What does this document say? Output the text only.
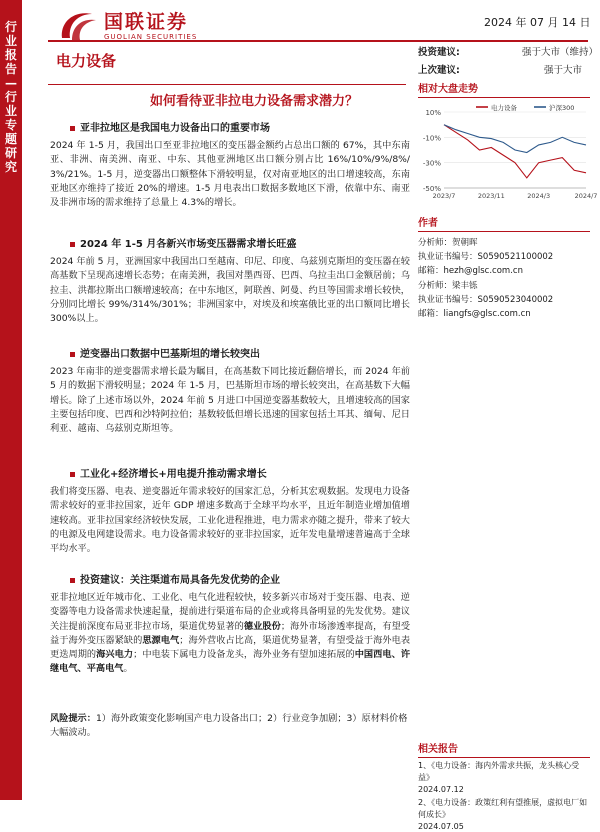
行业报告—行业专题研究
国联证券
GUOLIAN SECURITIES
2024 年 07 月 14 日
电力设备	投资建议:	强于大市（维持）
上次建议:	强于大市
如何看待亚非拉电力设备需求潜力？
亚非拉地区是我国电力设备出口的重要市场

2024 年 1-5 月，我国出口至亚非拉地区的变压器金额约占总出口额的 67%，其中东南亚、非洲、南美洲、南亚、中东、其他亚洲地区出口额分别占比 16%/10%/9%/8%/3%/21%。1-5 月，逆变器出口额整体下滑较明显，仅对南亚地区的出口增速较高，东南亚地区亦维持了接近 20%的增速。1-5 月电表出口数据多数地区下滑，依靠中东、南亚及非洲市场的需求维持了总量上 4.3%的增长。

2024 年 1-5 月各新兴市场变压器需求增长旺盛

2024 年前 5 月，亚洲国家中我国出口至越南、印尼、印度、乌兹别克斯坦的变压器在较高基数下呈现高速增长态势；在南美洲，我国对墨西哥、巴西、乌拉圭出口金额居前；乌拉圭、洪都拉斯出口额增速较高；在中东地区，阿联酋、阿曼、约旦等国需求增长较快，分别同比增长 99%/314%/301%；非洲国家中，对埃及和埃塞俄比亚的出口额同比增长 300%以上。

逆变器出口数据中巴基斯坦的增长较突出

2023 年南非的逆变器需求增长最为瞩目，在高基数下同比接近翻倍增长，而 2024 年前 5 月的数据下滑较明显；2024 年 1-5 月，巴基斯坦市场的增长较突出，在高基数下大幅增长。除了上述市场以外，2024 年前 5 月进口中国逆变器基数较大，且增速较高的国家主要包括印度、巴西和沙特阿拉伯；基数较低但增长迅速的国家包括土耳其、缅甸、尼日利亚、越南、乌兹别克斯坦等。

工业化+经济增长+用电提升推动需求增长

我们将变压器、电表、逆变器近年需求较好的国家汇总，分析其宏观数据。发现电力设备需求较好的亚非拉国家，近年 GDP 增速多数高于全球平均水平，且近年制造业增加值增速较高。亚非拉国家经济较快发展，工业化进程推进，电力需求亦随之提升，带来了较大的电源及电网建设需求。电力设备需求较好的亚非拉国家，近年发电量增速普遍高于全球平均水平。

投资建议：关注渠道布局具备先发优势的企业

亚非拉地区近年城市化、工业化、电气化进程较快，较多新兴市场对于变压器、电表、逆变器等电力设备需求快速起量，提前进行渠道布局的企业或将具备明显的先发优势。建议关注提前深度布局亚非拉市场，渠道优势显著的德业股份；海外市场渗透率提高，有望受益于海外变压器紧缺的思源电气；海外营收占比高，渠道优势显著，有望受益于海外电表更迭周期的海兴电力；中电装下属电力设备龙头，海外业务有望加速拓展的中国西电、许继电气、平高电气。

风险提示：1）海外政策变化影响国产电力设备出口；2）行业竞争加剧；3）原材料价格大幅波动。
相对大盘走势
10%
-10%
-30%
-50%
2023/7	2023/11	2024/3	2024/7
电力设备	沪深300
作者
分析师：贺朝晖
执业证书编号：S0590521100002
邮箱：hezh@glsc.com.cn
分析师：梁丰铄
执业证书编号：S0590523040002
邮箱：liangfs@glsc.com.cn
相关报告
1、《电力设备：海内外需求共振，龙头核心受益》
2024.07.12
2、《电力设备：政策红利有望推展，虚拟电厂如何成长》
2024.07.05
